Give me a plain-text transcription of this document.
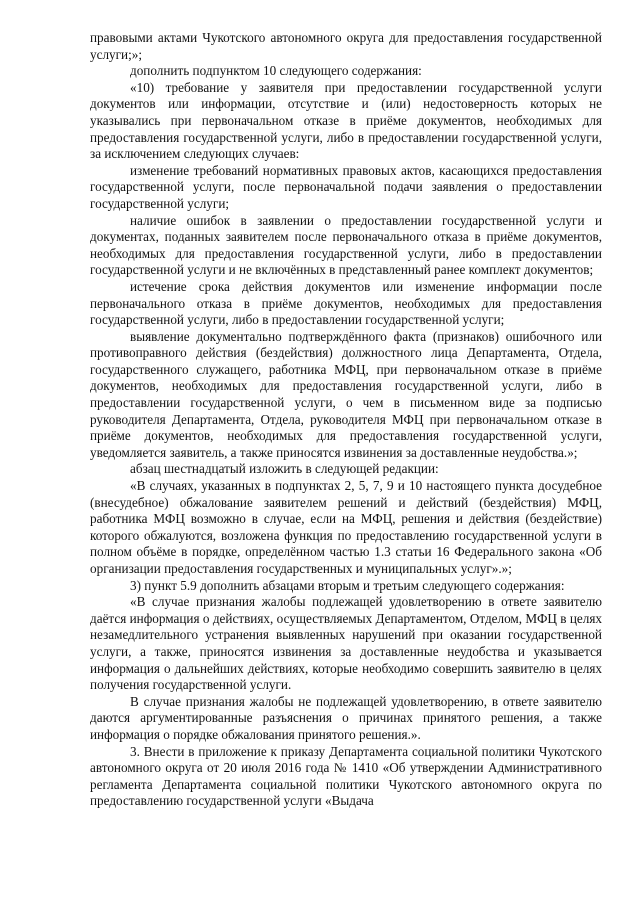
правовыми актами Чукотского автономного округа для предоставления государственной услуги;»;

дополнить подпунктом 10 следующего содержания:

«10) требование у заявителя при предоставлении государственной услуги документов или информации, отсутствие и (или) недостоверность которых не указывались при первоначальном отказе в приёме документов, необходимых для предоставления государственной услуги, либо в предоставлении государственной услуги, за исключением следующих случаев:

изменение требований нормативных правовых актов, касающихся предоставления государственной услуги, после первоначальной подачи заявления о предоставлении государственной услуги;

наличие ошибок в заявлении о предоставлении государственной услуги и документах, поданных заявителем после первоначального отказа в приёме документов, необходимых для предоставления государственной услуги, либо в предоставлении государственной услуги и не включённых в представленный ранее комплект документов;

истечение срока действия документов или изменение информации после первоначального отказа в приёме документов, необходимых для предоставления государственной услуги, либо в предоставлении государственной услуги;

выявление документально подтверждённого факта (признаков) ошибочного или противоправного действия (бездействия) должностного лица Департамента, Отдела, государственного служащего, работника МФЦ, при первоначальном отказе в приёме документов, необходимых для предоставления государственной услуги, либо в предоставлении государственной услуги, о чем в письменном виде за подписью руководителя Департамента, Отдела, руководителя МФЦ при первоначальном отказе в приёме документов, необходимых для предоставления государственной услуги, уведомляется заявитель, а также приносятся извинения за доставленные неудобства.»;

абзац шестнадцатый изложить в следующей редакции:

«В случаях, указанных в подпунктах 2, 5, 7, 9 и 10 настоящего пункта досудебное (внесудебное) обжалование заявителем решений и действий (бездействия) МФЦ, работника МФЦ возможно в случае, если на МФЦ, решения и действия (бездействие) которого обжалуются, возложена функция по предоставлению государственной услуги в полном объёме в порядке, определённом частью 1.3 статьи 16 Федерального закона «Об организации предоставления государственных и муниципальных услуг».»;

3) пункт 5.9 дополнить абзацами вторым и третьим следующего содержания:

«В случае признания жалобы подлежащей удовлетворению в ответе заявителю даётся информация о действиях, осуществляемых Департаментом, Отделом, МФЦ в целях незамедлительного устранения выявленных нарушений при оказании государственной услуги, а также, приносятся извинения за доставленные неудобства и указывается информация о дальнейших действиях, которые необходимо совершить заявителю в целях получения государственной услуги.

В случае признания жалобы не подлежащей удовлетворению, в ответе заявителю даются аргументированные разъяснения о причинах принятого решения, а также информация о порядке обжалования принятого решения.».

3. Внести в приложение к приказу Департамента социальной политики Чукотского автономного округа от 20 июля 2016 года № 1410 «Об утверждении Административного регламента Департамента социальной политики Чукотского автономного округа по предоставлению государственной услуги «Выдача
